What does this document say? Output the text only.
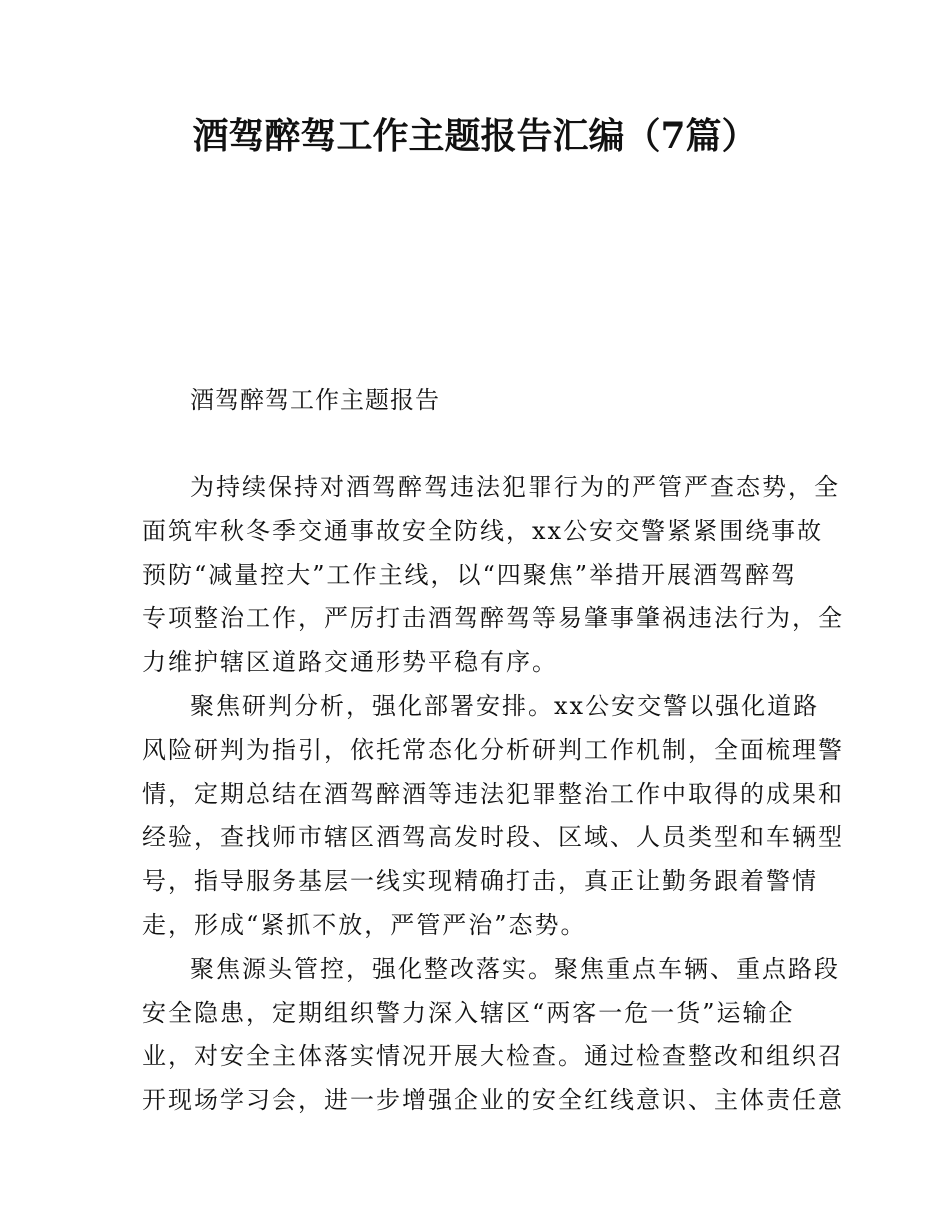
酒驾醉驾工作主题报告汇编（7篇）
酒驾醉驾工作主题报告

为持续保持对酒驾醉驾违法犯罪行为的严管严查态势，全
面筑牢秋冬季交通事故安全防线，xx公安交警紧紧围绕事故
预防“减量控大”工作主线，以“四聚焦”举措开展酒驾醉驾
专项整治工作，严厉打击酒驾醉驾等易肇事肇祸违法行为，全
力维护辖区道路交通形势平稳有序。

聚焦研判分析，强化部署安排。xx公安交警以强化道路
风险研判为指引，依托常态化分析研判工作机制，全面梳理警
情，定期总结在酒驾醉酒等违法犯罪整治工作中取得的成果和
经验，查找师市辖区酒驾高发时段、区域、人员类型和车辆型
号，指导服务基层一线实现精确打击，真正让勤务跟着警情
走，形成“紧抓不放，严管严治”态势。

聚焦源头管控，强化整改落实。聚焦重点车辆、重点路段
安全隐患，定期组织警力深入辖区“两客一危一货”运输企
业，对安全主体落实情况开展大检查。通过检查整改和组织召
开现场学习会，进一步增强企业的安全红线意识、主体责任意
